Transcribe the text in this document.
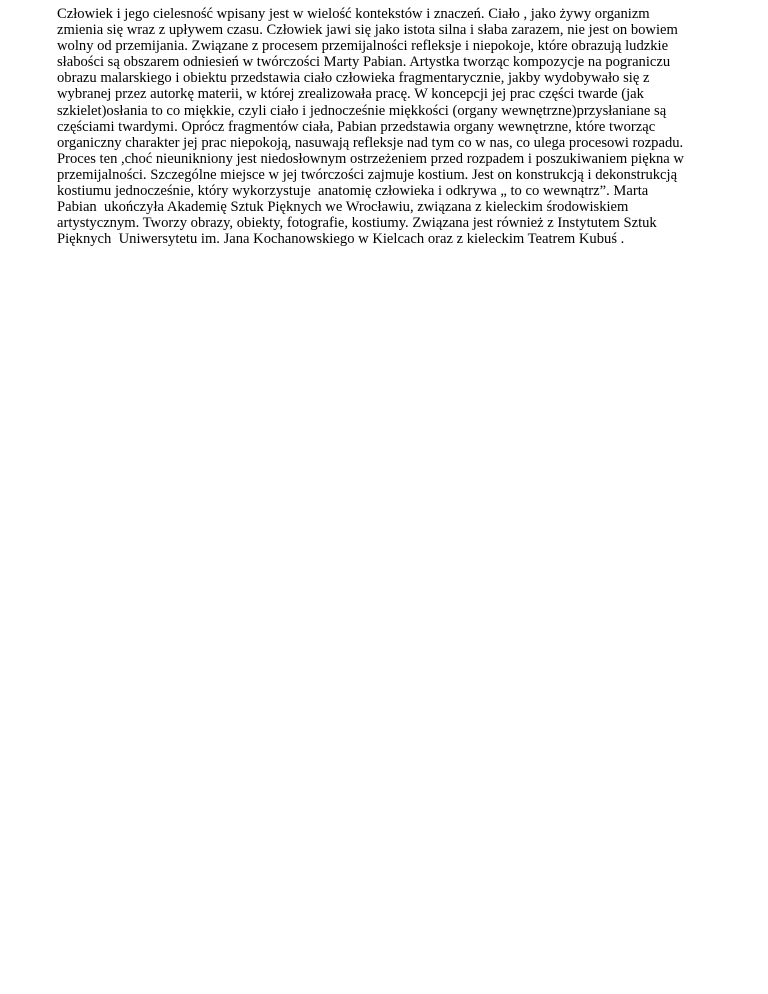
Człowiek i jego cielesność wpisany jest w wielość kontekstów i znaczeń. Ciało , jako żywy organizm
zmienia się wraz z upływem czasu. Człowiek jawi się jako istota silna i słaba zarazem, nie jest on bowiem
wolny od przemijania. Związane z procesem przemijalności refleksje i niepokoje, które obrazują ludzkie
słabości są obszarem odniesień w twórczości Marty Pabian. Artystka tworząc kompozycje na pograniczu
obrazu malarskiego i obiektu przedstawia ciało człowieka fragmentarycznie, jakby wydobywało się z
wybranej przez autorkę materii, w której zrealizowała pracę. W koncepcji jej prac części twarde (jak
szkielet)osłania to co miękkie, czyli ciało i jednocześnie miękkości (organy wewnętrzne)przysłaniane są
częściami twardymi. Oprócz fragmentów ciała, Pabian przedstawia organy wewnętrzne, które tworząc
organiczny charakter jej prac niepokoją, nasuwają refleksje nad tym co w nas, co ulega procesowi rozpadu.
Proces ten ,choć nieunikniony jest niedosłownym ostrzeżeniem przed rozpadem i poszukiwaniem piękna w
przemijalności. Szczególne miejsce w jej twórczości zajmuje kostium. Jest on konstrukcją i dekonstrukcją
kostiumu jednocześnie, który wykorzystuje  anatomię człowieka i odkrywa „ to co wewnątrz”. Marta
Pabian  ukończyła Akademię Sztuk Pięknych we Wrocławiu, związana z kieleckim środowiskiem
artystycznym. Tworzy obrazy, obiekty, fotografie, kostiumy. Związana jest również z Instytutem Sztuk
Pięknych  Uniwersytetu im. Jana Kochanowskiego w Kielcach oraz z kieleckim Teatrem Kubuś .
